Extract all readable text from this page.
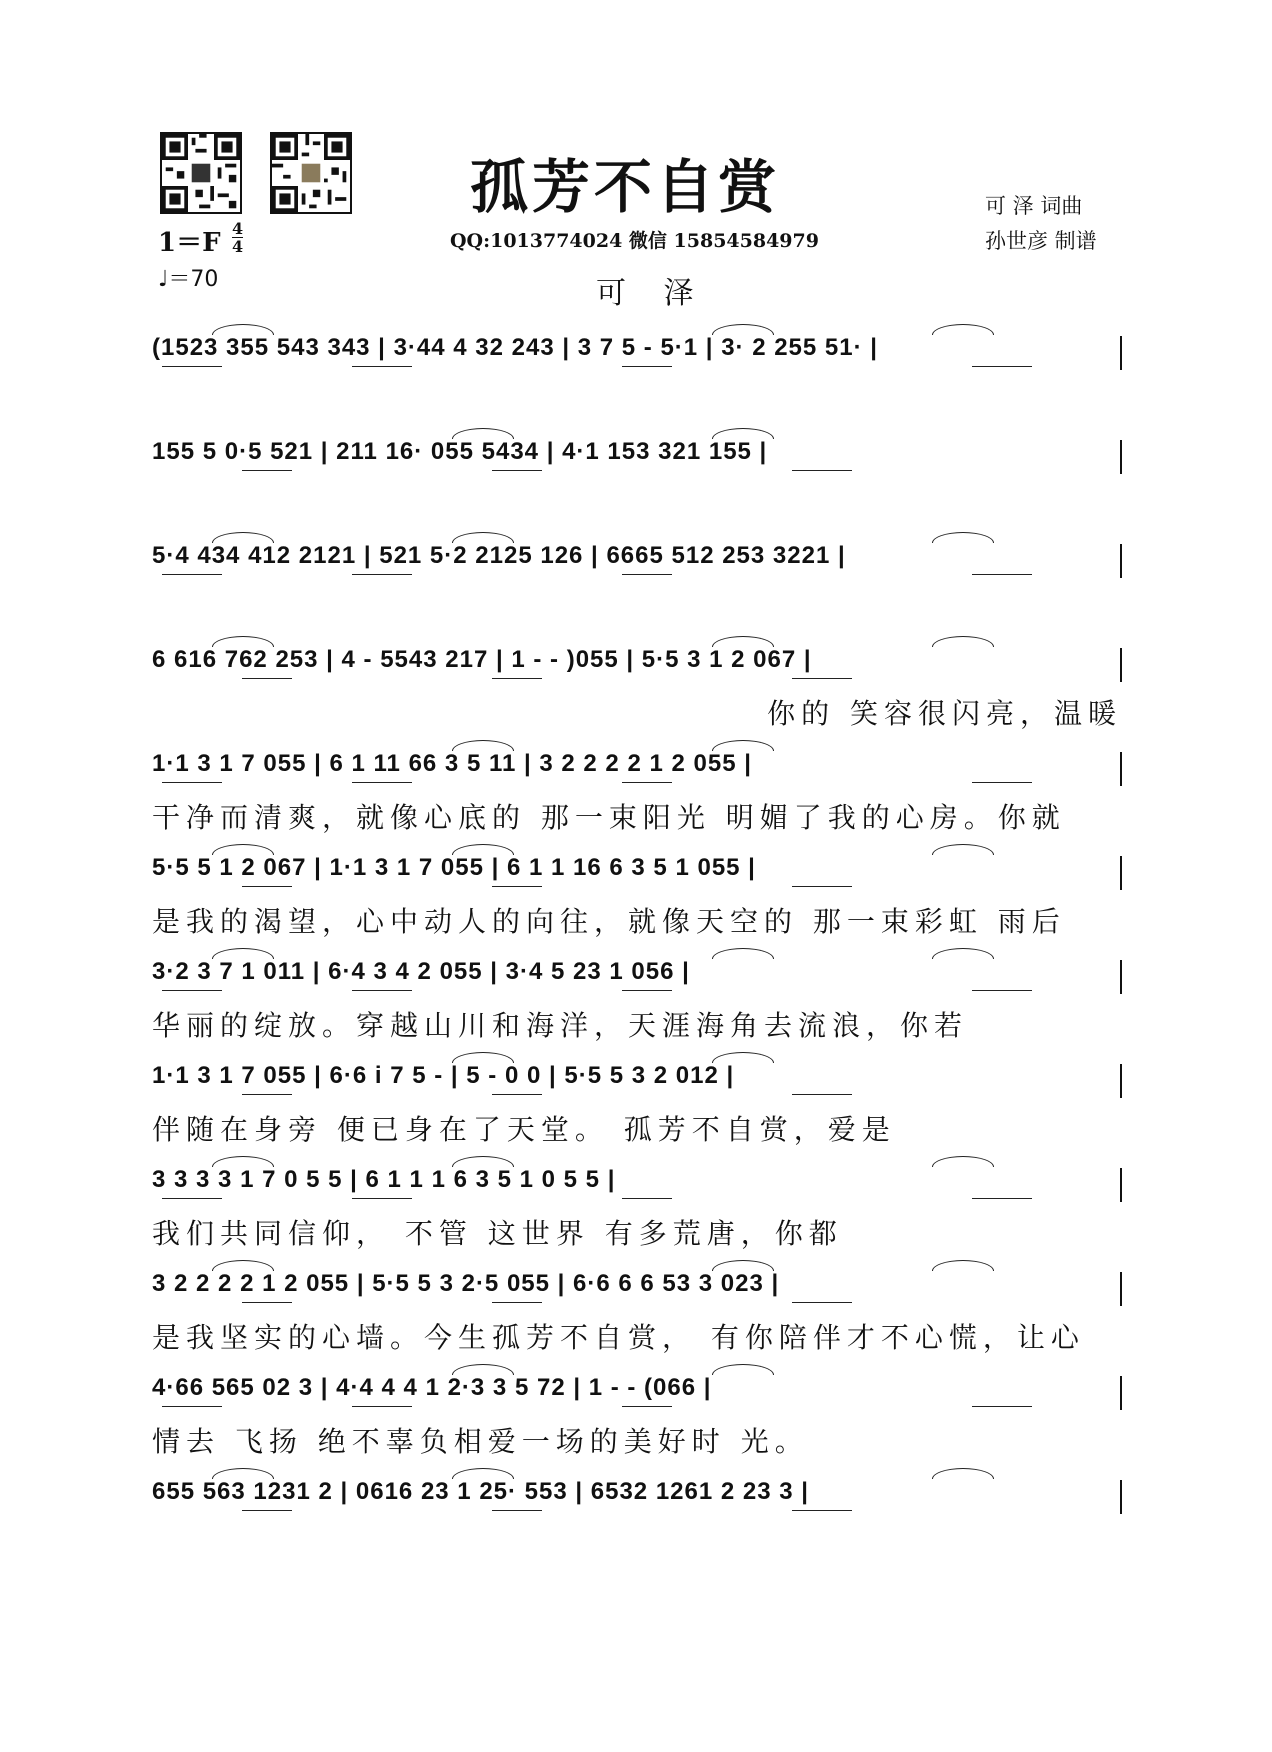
孤芳不自赏
QQ:1013774024 微信 15854584979
可 泽
可 泽 词曲
孙世彦 制谱
1＝F 4
4
♩＝70
(1523 355 543 343 | 3·44 4 32 243 | 3 7 5 - 5·1 | 3· 2 255 51· |
155 5 0·5 521 | 211 16· 055 5434 | 4·1 153 321 155 |
5·4 434 412 2121 | 521 5·2 2125 126 | 6665 512 253 3221 |
6 616 762 253 | 4 - 5543 217 | 1 - - )055 | 5·5 3 1 2 067 |
你的 笑容很闪亮，温暖
1·1 3 1 7 055 | 6 1 11 66 3 5 11 | 3 2 2 2 2 1 2 055 |
干净而清爽，就像心底的 那一束阳光 明媚了我的心房。你就
5·5 5 1 2 067 | 1·1 3 1 7 055 | 6 1 1 16 6 3 5 1 055 |
是我的渴望，心中动人的向往，就像天空的 那一束彩虹 雨后
3·2 3 7 1 011 | 6·4 3 4 2 055 | 3·4 5 23 1 056 |
华丽的绽放。穿越山川和海洋，天涯海角去流浪，你若
1·1 3 1 7 055 | 6·6 i 7 5 - | 5 - 0 0 | 5·5 5 3 2 012 |
伴随在身旁 便已身在了天堂。 孤芳不自赏，爱是
3 3 3 3 1 7 0 5 5 | 6 1 1 1 6 3 5 1 0 5 5 |
我们共同信仰， 不管 这世界 有多荒唐，你都
3 2 2 2 2 1 2 055 | 5·5 5 3 2·5 055 | 6·6 6 6 53 3 023 |
是我坚实的心墙。今生孤芳不自赏， 有你陪伴才不心慌，让心
4·66 565 02 3 | 4·4 4 4 1 2·3 3 5 72 | 1 - - (066 |
情去 飞扬 绝不辜负相爱一场的美好时 光。
655 563 1231 2 | 0616 23 1 25· 553 | 6532 1261 2 23 3 |
